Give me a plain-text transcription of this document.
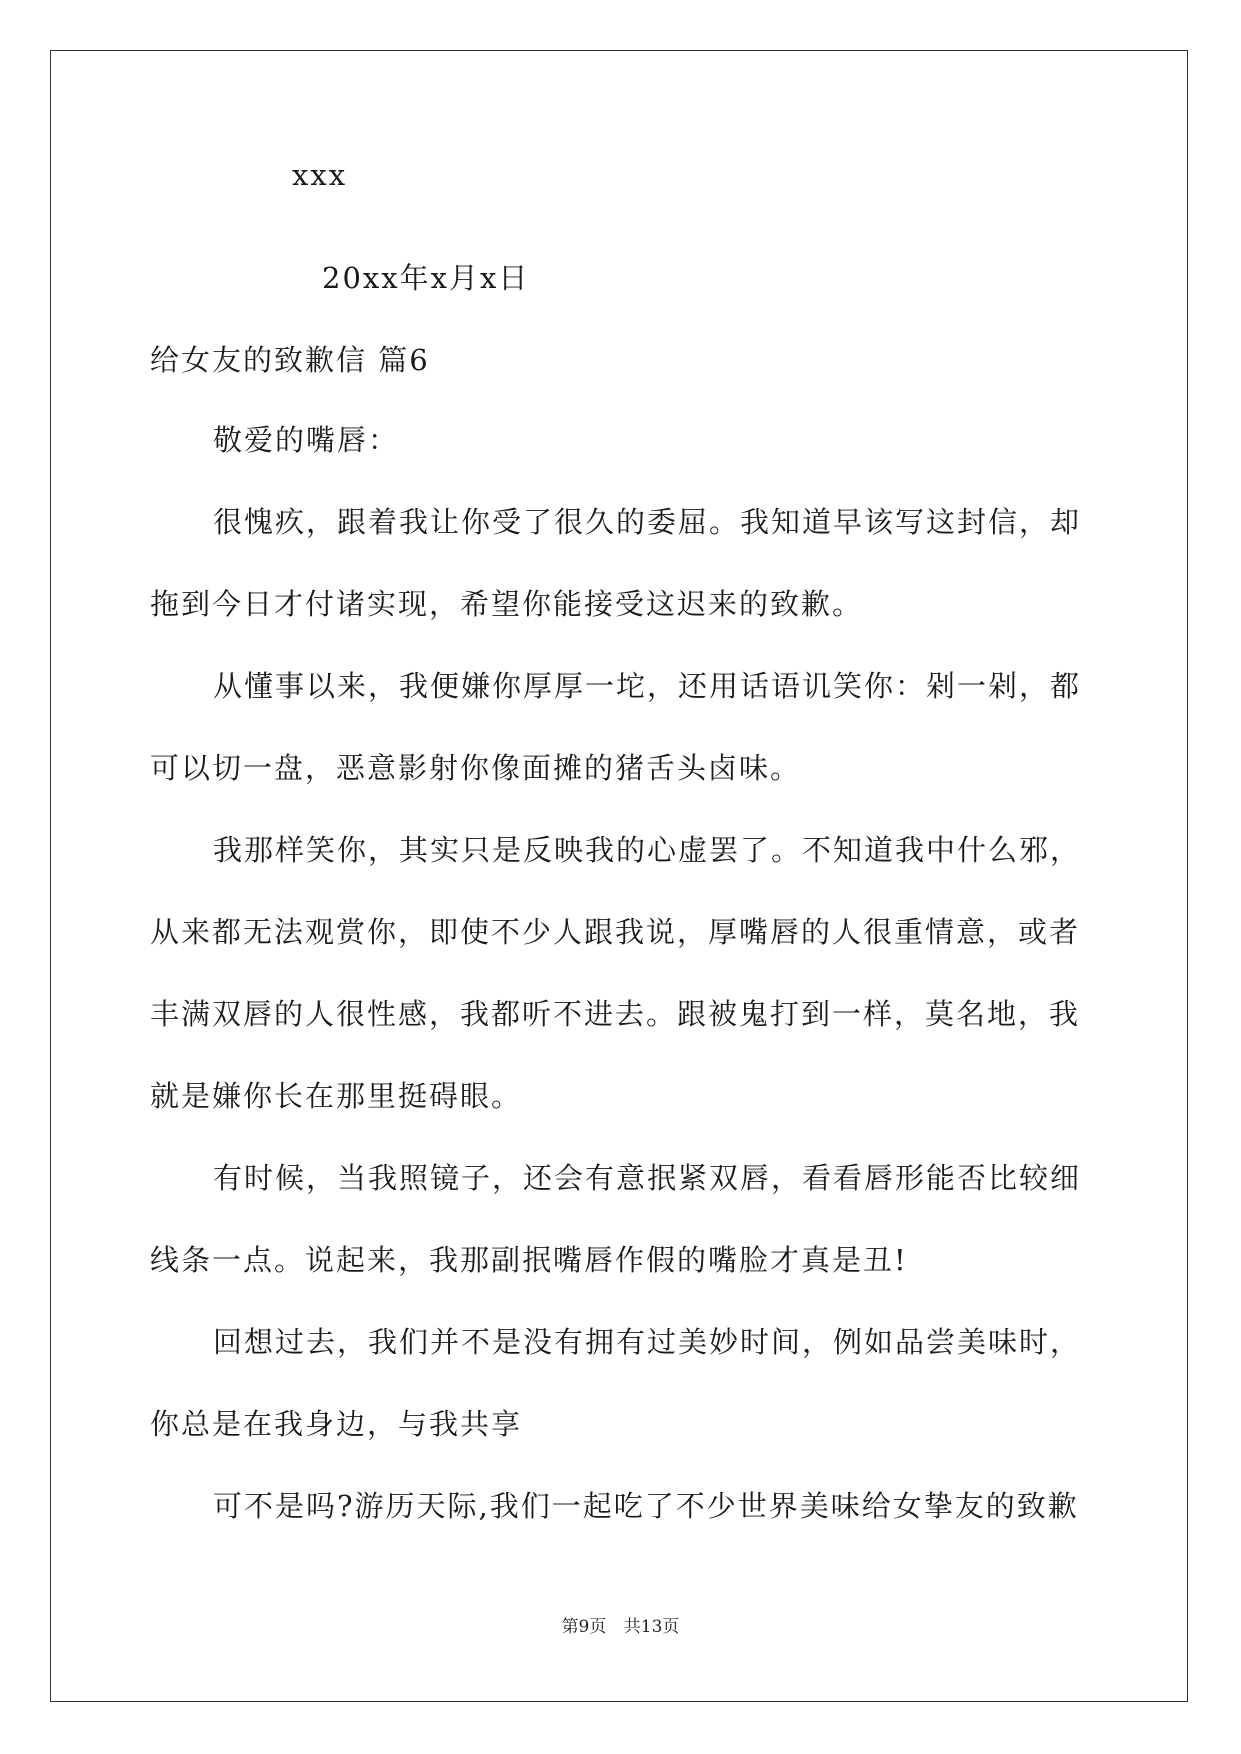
xxx
20xx年x月x日
给女友的致歉信 篇6
敬爱的嘴唇：
很愧疚，跟着我让你受了很久的委屈。我知道早该写这封信，却
拖到今日才付诸实现，希望你能接受这迟来的致歉。
从懂事以来，我便嫌你厚厚一坨，还用话语讥笑你：剁一剁，都
可以切一盘，恶意影射你像面摊的猪舌头卤味。
我那样笑你，其实只是反映我的心虚罢了。不知道我中什么邪，
从来都无法观赏你，即使不少人跟我说，厚嘴唇的人很重情意，或者
丰满双唇的人很性感，我都听不进去。跟被鬼打到一样，莫名地，我
就是嫌你长在那里挺碍眼。
有时候，当我照镜子，还会有意抿紧双唇，看看唇形能否比较细
线条一点。说起来，我那副抿嘴唇作假的嘴脸才真是丑!
回想过去，我们并不是没有拥有过美妙时间，例如品尝美味时，
你总是在我身边，与我共享
可不是吗?游历天际,我们一起吃了不少世界美味给女挚友的致歉
第9页 共13页
